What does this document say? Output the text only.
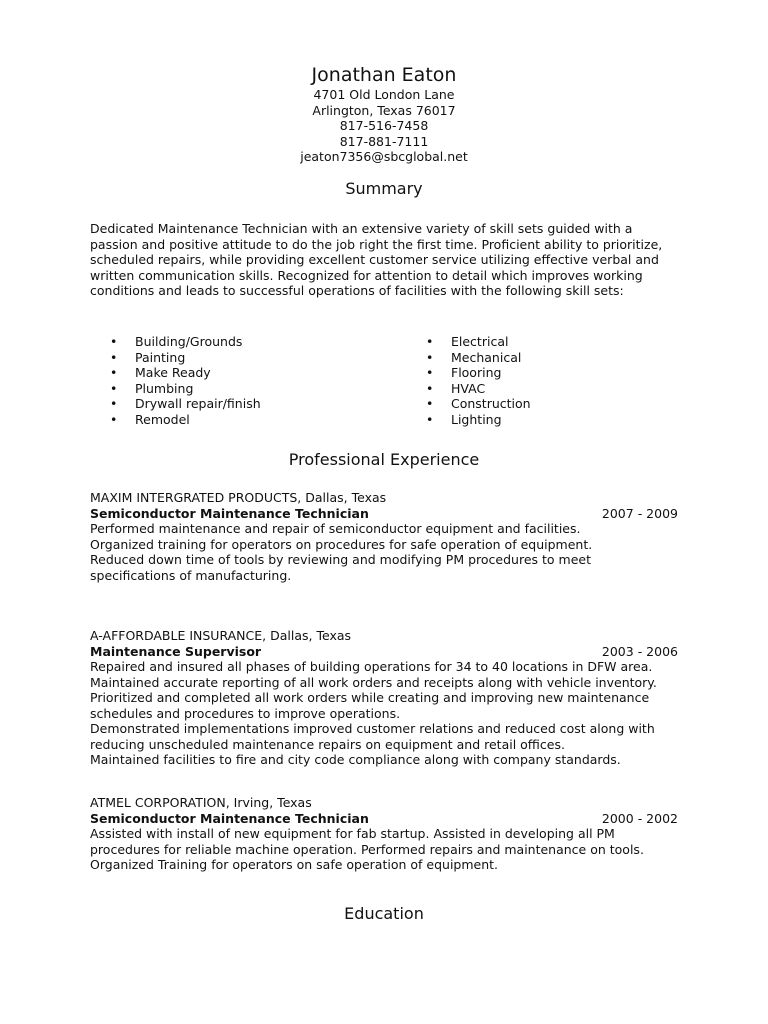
Jonathan Eaton
4701 Old London Lane
Arlington, Texas 76017
817-516-7458
817-881-7111
jeaton7356@sbcglobal.net
Summary
Dedicated Maintenance Technician with an extensive variety of skill sets guided with a
passion and positive attitude to do the job right the first time. Proficient ability to prioritize,
scheduled repairs, while providing excellent customer service utilizing effective verbal and
written communication skills. Recognized for attention to detail which improves working
conditions and leads to successful operations of facilities with the following skill sets:
• Building/Grounds
• Painting
• Make Ready
• Plumbing
• Drywall repair/finish
• Remodel
• Electrical
• Mechanical
• Flooring
• HVAC
• Construction
• Lighting
Professional Experience
MAXIM INTERGRATED PRODUCTS, Dallas, Texas
Semiconductor Maintenance Technician	2007 - 2009
Performed maintenance and repair of semiconductor equipment and facilities.
Organized training for operators on procedures for safe operation of equipment.
Reduced down time of tools by reviewing and modifying PM procedures to meet
specifications of manufacturing.
A-AFFORDABLE INSURANCE, Dallas, Texas
Maintenance Supervisor	2003 - 2006
Repaired and insured all phases of building operations for 34 to 40 locations in DFW area.
Maintained accurate reporting of all work orders and receipts along with vehicle inventory.
Prioritized and completed all work orders while creating and improving new maintenance
schedules and procedures to improve operations.
Demonstrated implementations improved customer relations and reduced cost along with
reducing unscheduled maintenance repairs on equipment and retail offices.
Maintained facilities to fire and city code compliance along with company standards.
ATMEL CORPORATION, Irving, Texas
Semiconductor Maintenance Technician	2000 - 2002
Assisted with install of new equipment for fab startup. Assisted in developing all PM
procedures for reliable machine operation. Performed repairs and maintenance on tools.
Organized Training for operators on safe operation of equipment.
Education
